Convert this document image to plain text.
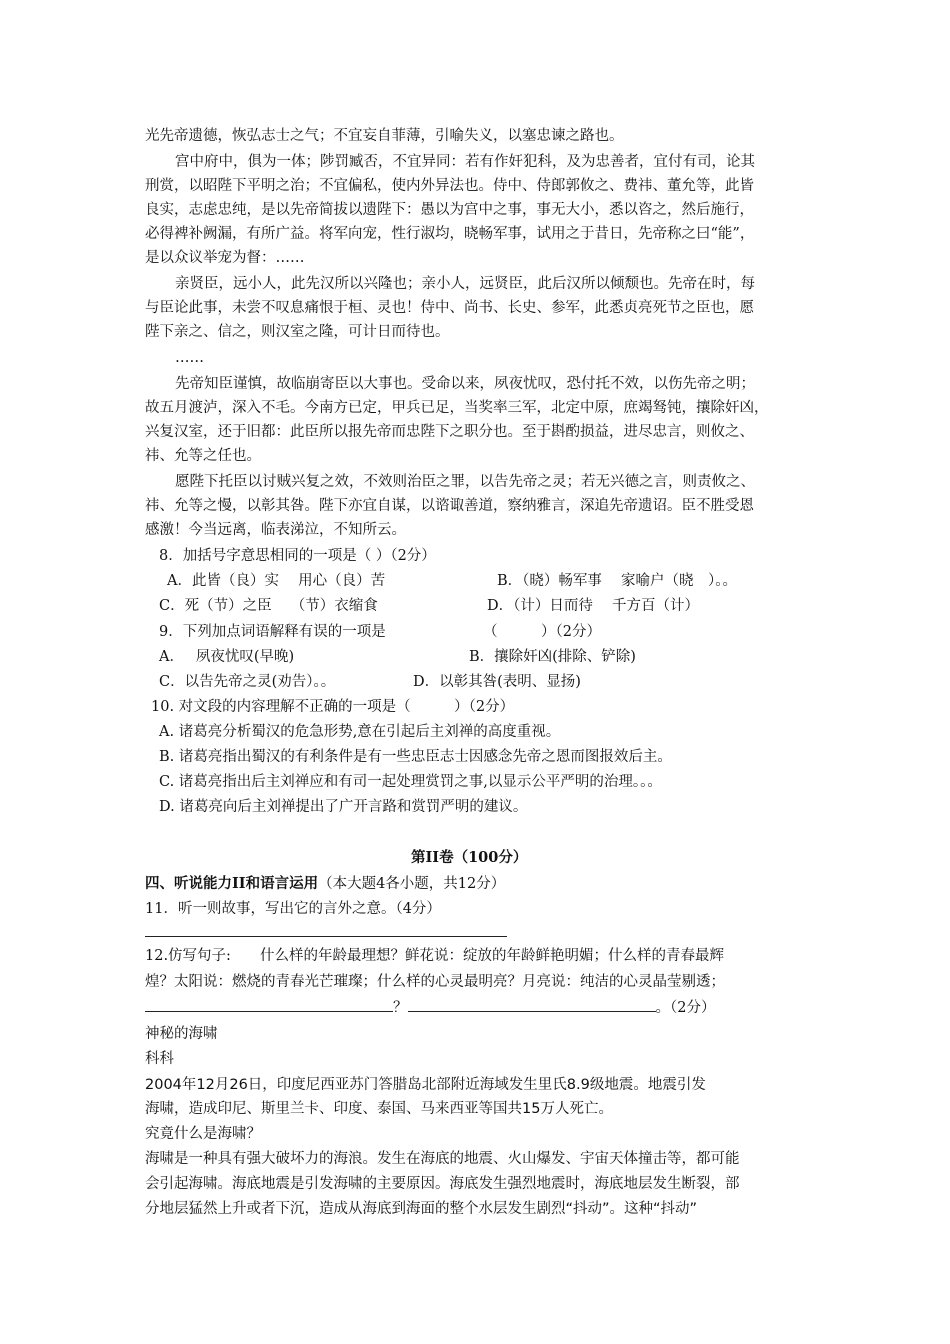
光先帝遗德，恢弘志士之气；不宜妄自菲薄，引喻失义，以塞忠谏之路也。
宫中府中，俱为一体；陟罚臧否，不宜异同：若有作奸犯科，及为忠善者，宜付有司，论其
刑赏，以昭陛下平明之治；不宜偏私，使内外异法也。侍中、侍郎郭攸之、费祎、董允等，此皆
良实，志虑忠纯，是以先帝简拔以遗陛下：愚以为宫中之事，事无大小，悉以咨之，然后施行，
必得裨补阙漏，有所广益。将军向宠，性行淑均，晓畅军事，试用之于昔日，先帝称之曰“能”，
是以众议举宠为督：……
亲贤臣，远小人，此先汉所以兴隆也；亲小人，远贤臣，此后汉所以倾颓也。先帝在时，每
与臣论此事，未尝不叹息痛恨于桓、灵也！侍中、尚书、长史、参军，此悉贞亮死节之臣也，愿
陛下亲之、信之，则汉室之隆，可计日而待也。
……
先帝知臣谨慎，故临崩寄臣以大事也。受命以来，夙夜忧叹，恐付托不效，以伤先帝之明；
故五月渡泸，深入不毛。今南方已定，甲兵已足，当奖率三军，北定中原，庶竭驽钝，攘除奸凶，
兴复汉室，还于旧都：此臣所以报先帝而忠陛下之职分也。至于斟酌损益，进尽忠言，则攸之、
祎、允等之任也。
愿陛下托臣以讨贼兴复之效，不效则治臣之罪，以告先帝之灵；若无兴德之言，则责攸之、
祎、允等之慢，以彰其咎。陛下亦宜自谋，以谘诹善道，察纳雅言，深追先帝遗诏。臣不胜受恩
感激！今当远离，临表涕泣，不知所云。
8．加括号字意思相同的一项是（ ）（2分）
A．此皆（良）实　 用心（良）苦	B．（晓）畅军事　 家喻户（晓　）。。
C．死（节）之臣　 （节）衣缩食	D．（计）日而待　 千方百（计）
9．下列加点词语解释有误的一项是	（　　　）（2分）
A．　 夙夜忧叹(早晚)	B．攘除奸凶(排除、铲除)
C．以告先帝之灵(劝告）。。	D．以彰其咎(表明、显扬)
10. 对文段的内容理解不正确的一项是（　　　）（2分）
A. 诸葛亮分析蜀汉的危急形势,意在引起后主刘禅的高度重视。
B. 诸葛亮指出蜀汉的有利条件是有一些忠臣志士因感念先帝之恩而图报效后主。
C. 诸葛亮指出后主刘禅应和有司一起处理赏罚之事,以显示公平严明的治理。。。
D. 诸葛亮向后主刘禅提出了广开言路和赏罚严明的建议。
第II卷（100分）
四、听说能力II和语言运用（本大题4各小题，共12分）
11．听一则故事，写出它的言外之意。（4分）
12.仿写句子:　　什么样的年龄最理想？鲜花说：绽放的年龄鲜艳明媚；什么样的青春最辉
煌？太阳说：燃烧的青春光芒璀璨；什么样的心灵最明亮？月亮说：纯洁的心灵晶莹剔透；
？	。（2分）
神秘的海啸
科科
2004年12月26日，印度尼西亚苏门答腊岛北部附近海域发生里氏8.9级地震。地震引发
海啸，造成印尼、斯里兰卡、印度、泰国、马来西亚等国共15万人死亡。
究竟什么是海啸？
海啸是一种具有强大破坏力的海浪。发生在海底的地震、火山爆发、宇宙天体撞击等，都可能
会引起海啸。海底地震是引发海啸的主要原因。海底发生强烈地震时，海底地层发生断裂，部
分地层猛然上升或者下沉，造成从海底到海面的整个水层发生剧烈“抖动”。这种“抖动”
